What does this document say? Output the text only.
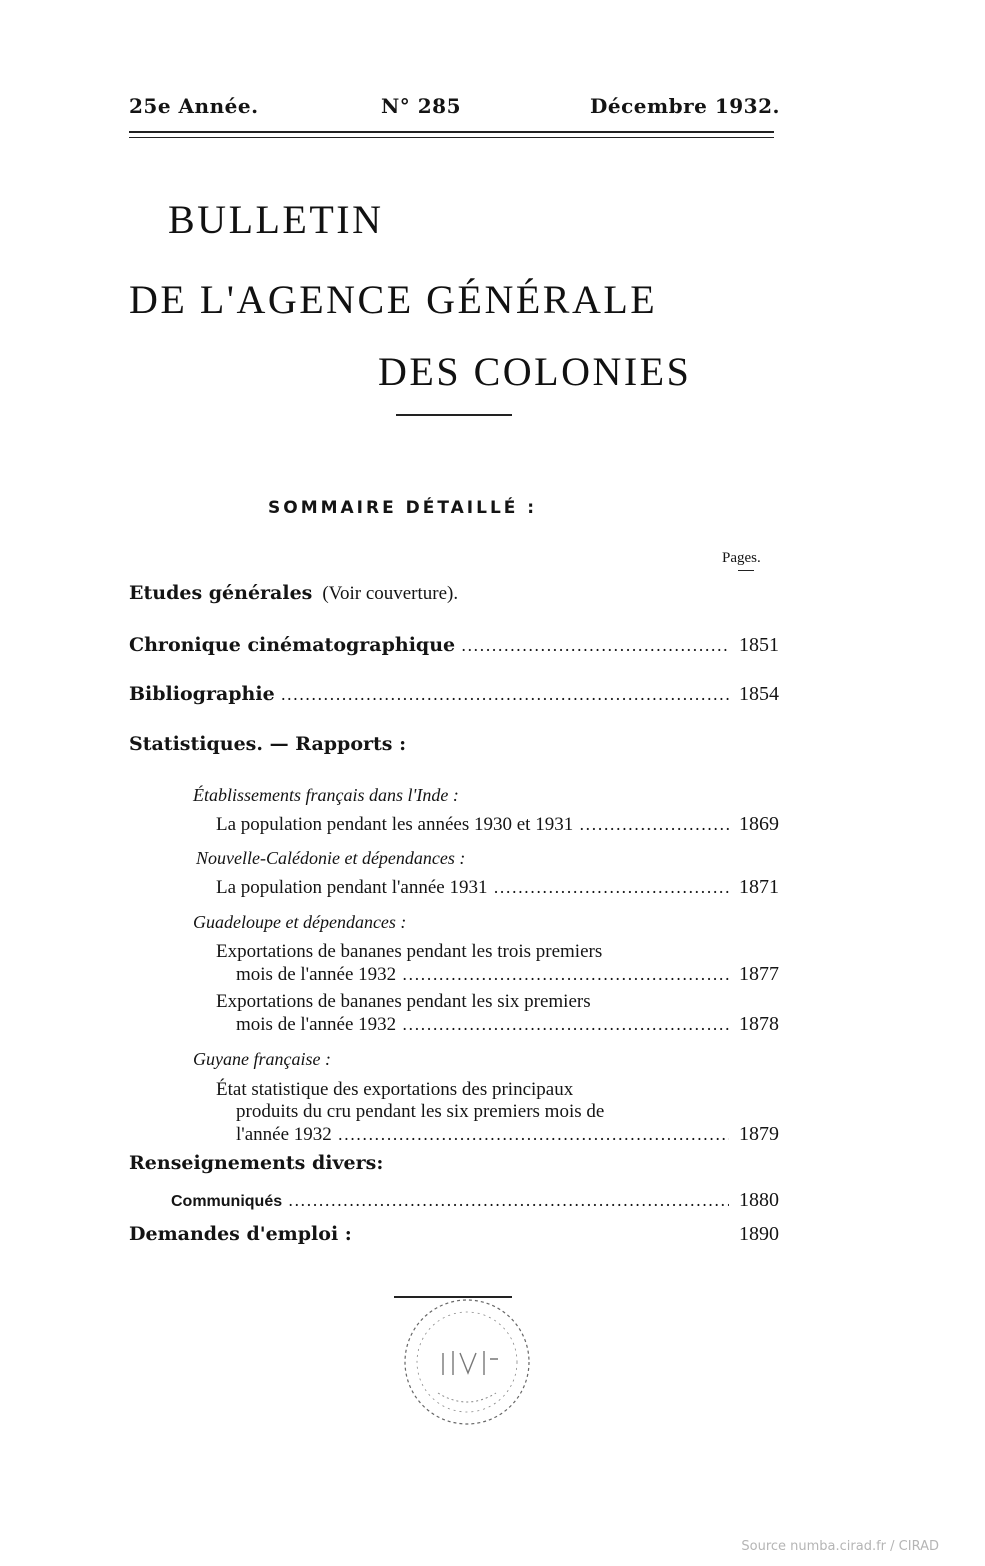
25e Année.	N° 285	Décembre 1932.
BULLETIN
DE L'AGENCE GÉNÉRALE
DES COLONIES
SOMMAIRE DÉTAILLÉ :
Pages.
Etudes générales (Voir couverture).
Chronique cinématographique .....	1851
Bibliographie .....	1854
Statistiques. — Rapports :
Établissements français dans l'Inde :
La population pendant les années 1930 et 1931 .....	1869
Nouvelle-Calédonie et dépendances :
La population pendant l'année 1931 .....	1871
Guadeloupe et dépendances :
Exportations de bananes pendant les trois premiers
mois de l'année 1932 .....	1877
Exportations de bananes pendant les six premiers
mois de l'année 1932 .....	1878
Guyane française :
État statistique des exportations des principaux
produits du cru pendant les six premiers mois de
l'année 1932 .....	1879
Renseignements divers:
Communiqués .....	1880
Demandes d'emploi :	1890
Source numba.cirad.fr / CIRAD
